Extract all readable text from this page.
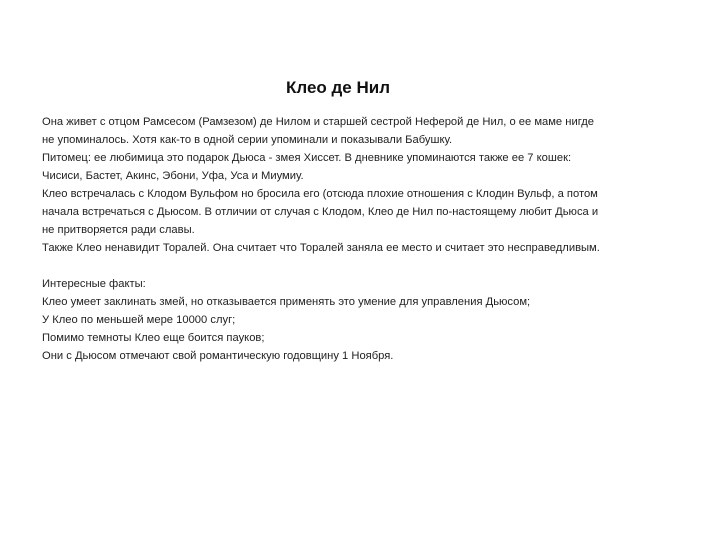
Клео де Нил
Она живет с отцом Рамсесом (Рамзезом) де Нилом и старшей сестрой Неферой де Нил, о ее маме нигде
не упоминалось. Хотя как-то в одной серии упоминали и показывали Бабушку.
Питомец: ее любимица это подарок Дьюса - змея Хиссет. В дневнике упоминаются также ее 7 кошек:
Чисиси, Бастет, Акинс, Эбони, Уфа, Уса и Миумиу.
Клео встречалась с Клодом Вульфом но бросила его (отсюда плохие отношения с Клодин Вульф, а потом
начала встречаться с Дьюсом. В отличии от случая с Клодом, Клео де Нил по-настоящему любит Дьюса и
не притворяется ради славы.
Также Клео ненавидит Торалей. Она считает что Торалей заняла ее место и считает это несправедливым.
Интересные факты:
Клео умеет заклинать змей, но отказывается применять это умение для управления Дьюсом;
У Клео по меньшей мере 10000 слуг;
Помимо темноты Клео еще боится пауков;
Они с Дьюсом отмечают свой романтическую годовщину 1 Ноября.
